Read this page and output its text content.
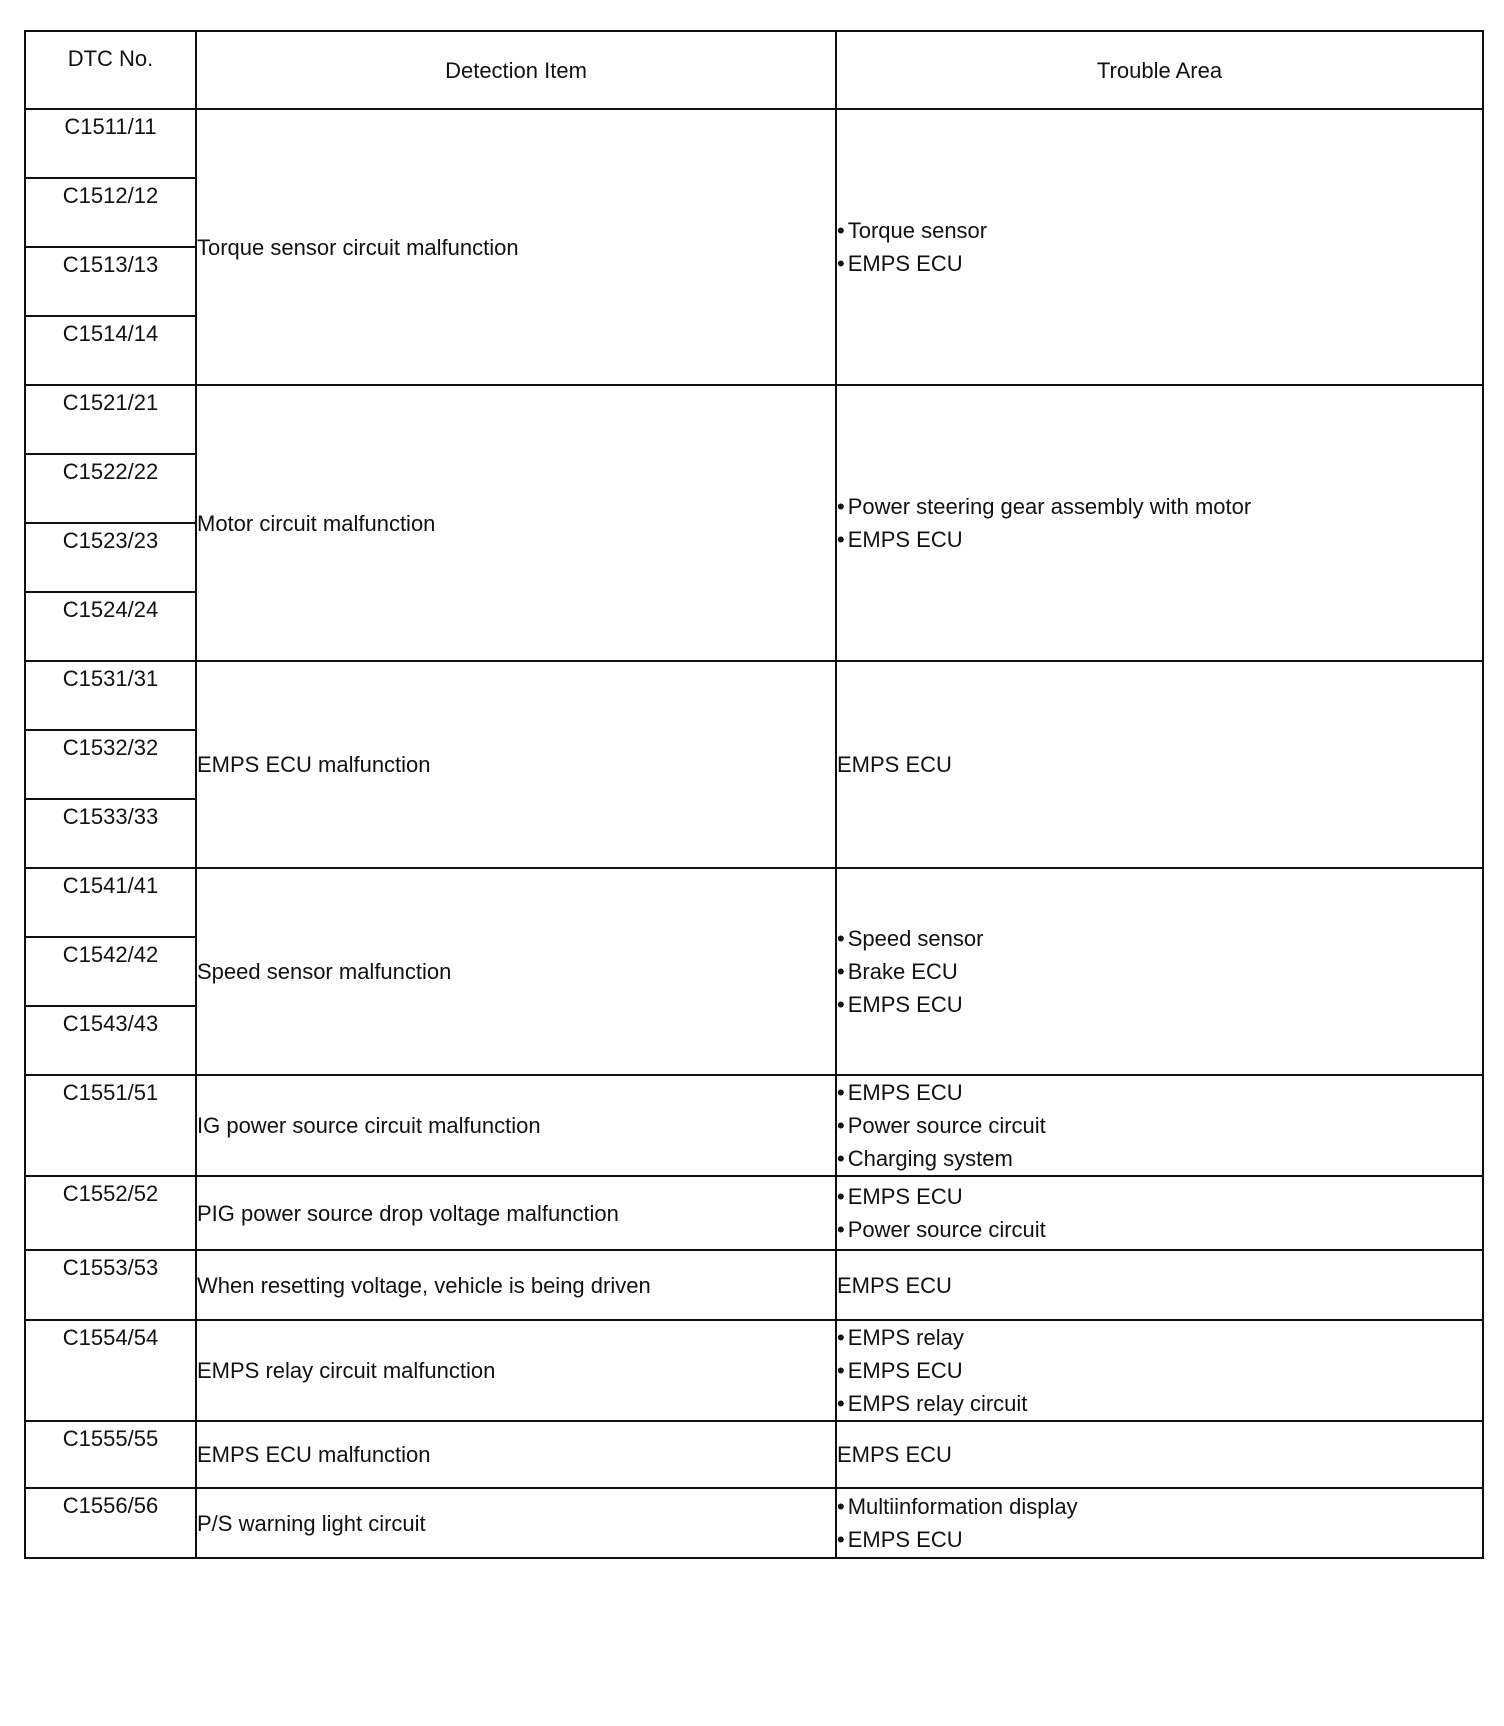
DTC No.	Detection Item	Trouble Area
C1511/11	Torque sensor circuit malfunction	• Torque sensor
• EMPS ECU

C1512/12		
C1513/13		
C1514/14		
C1521/21	Motor circuit malfunction	• Power steering gear assembly with motor
• EMPS ECU

C1522/22		
C1523/23		
C1524/24		
C1531/31	EMPS ECU malfunction	EMPS ECU
C1532/32		
C1533/33		
C1541/41	Speed sensor malfunction	• Speed sensor
• Brake ECU
• EMPS ECU

C1542/42		
C1543/43		
C1551/51	IG power source circuit malfunction	• EMPS ECU
• Power source circuit
• Charging system

C1552/52	PIG power source drop voltage malfunction	• EMPS ECU
• Power source circuit

C1553/53	When resetting voltage, vehicle is being driven	EMPS ECU
C1554/54	EMPS relay circuit malfunction	• EMPS relay
• EMPS ECU
• EMPS relay circuit

C1555/55	EMPS ECU malfunction	EMPS ECU
C1556/56	P/S warning light circuit	• Multiinformation display
• EMPS ECU
